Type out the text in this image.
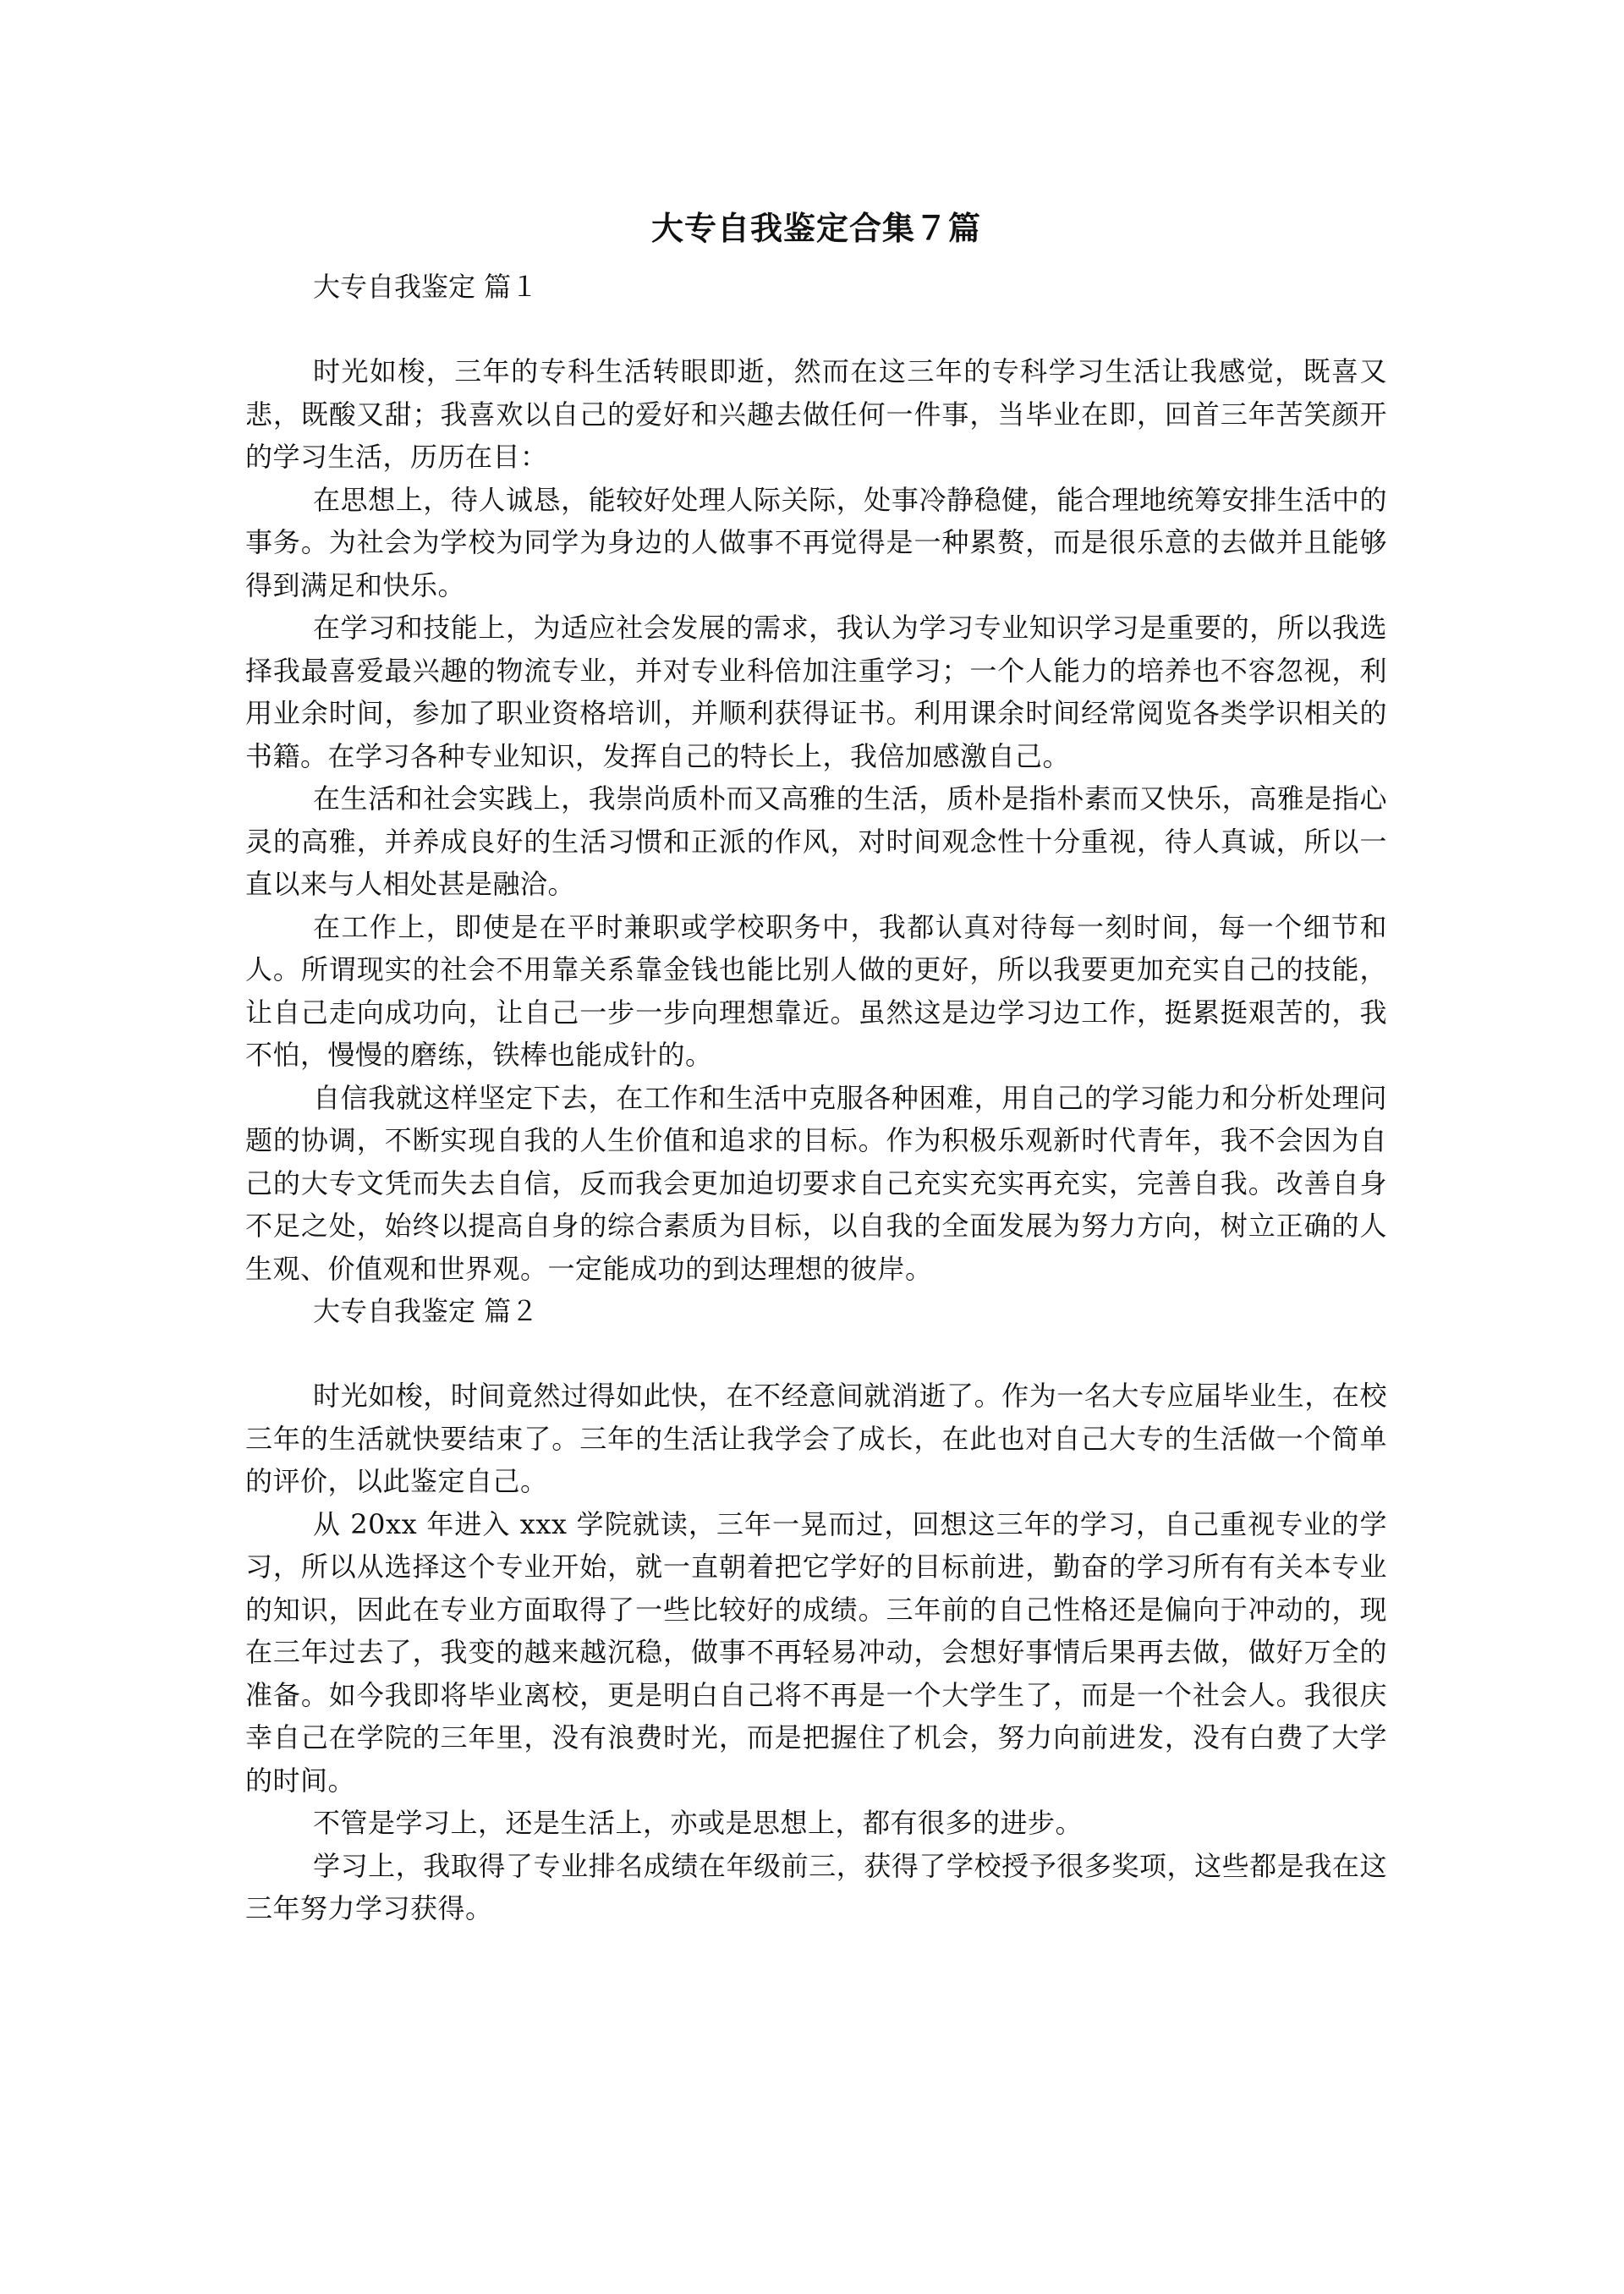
大专自我鉴定合集７篇

大专自我鉴定 篇１

时光如梭，三年的专科生活转眼即逝，然而在这三年的专科学习生活让我感觉，既喜又悲，既酸又甜；我喜欢以自己的爱好和兴趣去做任何一件事，当毕业在即，回首三年苦笑颜开的学习生活，历历在目：

在思想上，待人诚恳，能较好处理人际关际，处事冷静稳健，能合理地统筹安排生活中的事务。为社会为学校为同学为身边的人做事不再觉得是一种累赘，而是很乐意的去做并且能够得到满足和快乐。

在学习和技能上，为适应社会发展的需求，我认为学习专业知识学习是重要的，所以我选择我最喜爱最兴趣的物流专业，并对专业科倍加注重学习；一个人能力的培养也不容忽视，利用业余时间，参加了职业资格培训，并顺利获得证书。利用课余时间经常阅览各类学识相关的书籍。在学习各种专业知识，发挥自己的特长上，我倍加感激自己。

在生活和社会实践上，我崇尚质朴而又高雅的生活，质朴是指朴素而又快乐，高雅是指心灵的高雅，并养成良好的生活习惯和正派的作风，对时间观念性十分重视，待人真诚，所以一直以来与人相处甚是融洽。

在工作上，即使是在平时兼职或学校职务中，我都认真对待每一刻时间，每一个细节和人。所谓现实的社会不用靠关系靠金钱也能比别人做的更好，所以我要更加充实自己的技能，让自己走向成功向，让自己一步一步向理想靠近。虽然这是边学习边工作，挺累挺艰苦的，我不怕，慢慢的磨练，铁棒也能成针的。

自信我就这样坚定下去，在工作和生活中克服各种困难，用自己的学习能力和分析处理问题的协调，不断实现自我的人生价值和追求的目标。作为积极乐观新时代青年，我不会因为自己的大专文凭而失去自信，反而我会更加迫切要求自己充实充实再充实，完善自我。改善自身不足之处，始终以提高自身的综合素质为目标，以自我的全面发展为努力方向，树立正确的人生观、价值观和世界观。一定能成功的到达理想的彼岸。

大专自我鉴定 篇２

时光如梭，时间竟然过得如此快，在不经意间就消逝了。作为一名大专应届毕业生，在校三年的生活就快要结束了。三年的生活让我学会了成长，在此也对自己大专的生活做一个简单的评价，以此鉴定自己。

从 20xx 年进入 xxx 学院就读，三年一晃而过，回想这三年的学习，自己重视专业的学习，所以从选择这个专业开始，就一直朝着把它学好的目标前进，勤奋的学习所有有关本专业的知识，因此在专业方面取得了一些比较好的成绩。三年前的自己性格还是偏向于冲动的，现在三年过去了，我变的越来越沉稳，做事不再轻易冲动，会想好事情后果再去做，做好万全的准备。如今我即将毕业离校，更是明白自己将不再是一个大学生了，而是一个社会人。我很庆幸自己在学院的三年里，没有浪费时光，而是把握住了机会，努力向前进发，没有白费了大学的时间。

不管是学习上，还是生活上，亦或是思想上，都有很多的进步。

学习上，我取得了专业排名成绩在年级前三，获得了学校授予很多奖项，这些都是我在这三年努力学习获得。
